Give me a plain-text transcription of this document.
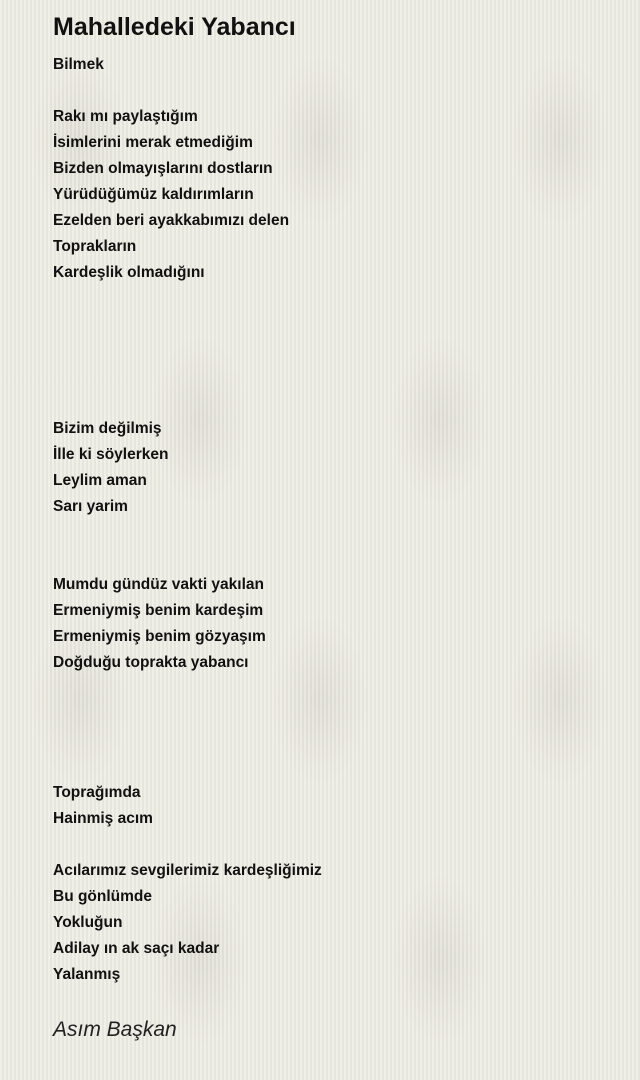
Mahalledeki Yabancı
Bilmek
Rakı mı paylaştığım
İsimlerini merak etmediğim
Bizden olmayışlarını dostların
Yürüdüğümüz kaldırımların
Ezelden beri ayakkabımızı delen
Toprakların
Kardeşlik olmadığını
Bizim değilmiş
İlle ki söylerken
Leylim aman
Sarı yarim
Mumdu gündüz vakti yakılan
Ermeniymiş benim kardeşim
Ermeniymiş benim gözyaşım
Doğduğu toprakta yabancı
Toprağımda
Hainmiş acım
Acılarımız sevgilerimiz kardeşliğimiz
Bu gönlümde
Yokluğun
Adilay ın ak saçı kadar
Yalanmış
Asım Başkan
